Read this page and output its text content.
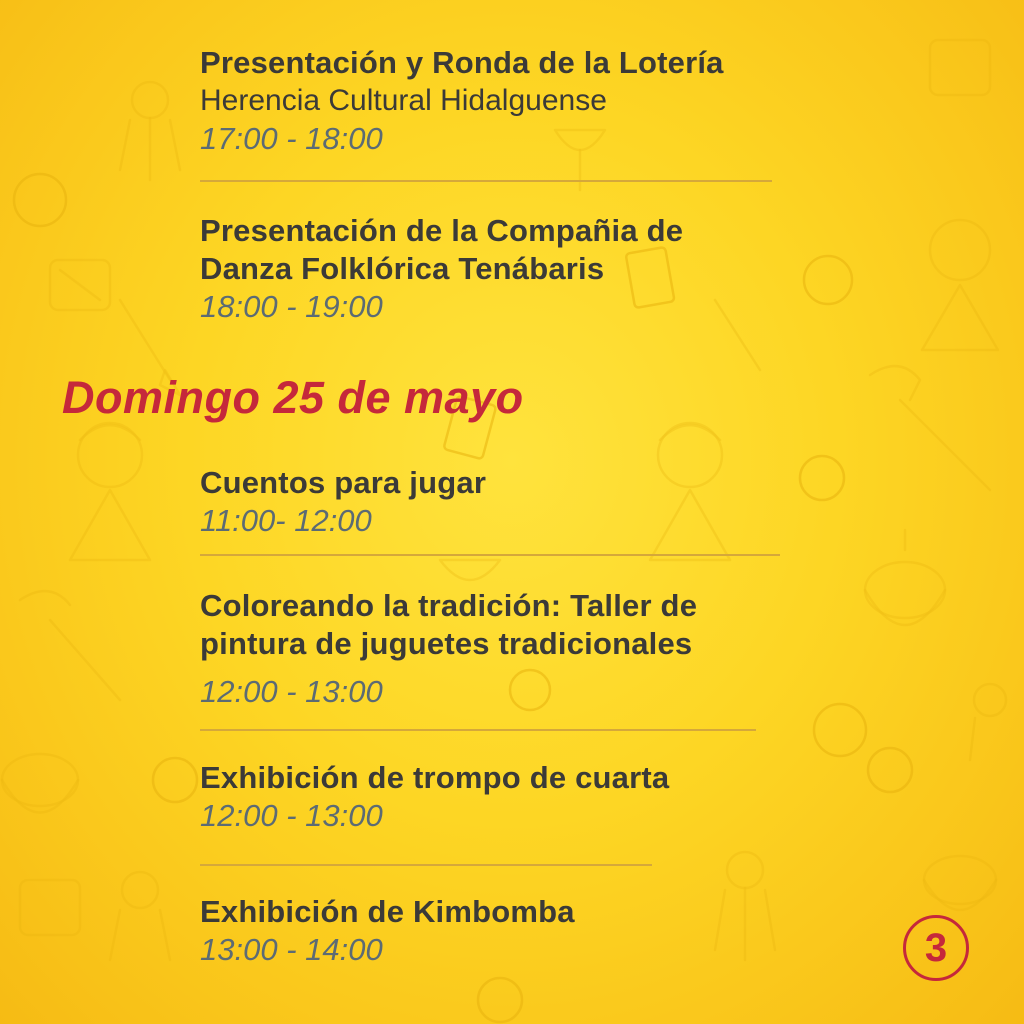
Presentación y Ronda de la Lotería

Herencia Cultural Hidalguense

17:00 - 18:00

Presentación de la Compañia de

Danza Folklórica Tenábaris

18:00 - 19:00

Domingo 25 de mayo

Cuentos para jugar

11:00- 12:00

Coloreando la tradición: Taller de

pintura de juguetes tradicionales

12:00 - 13:00

Exhibición de trompo de cuarta

12:00 - 13:00

Exhibición de Kimbomba

13:00 - 14:00	3
